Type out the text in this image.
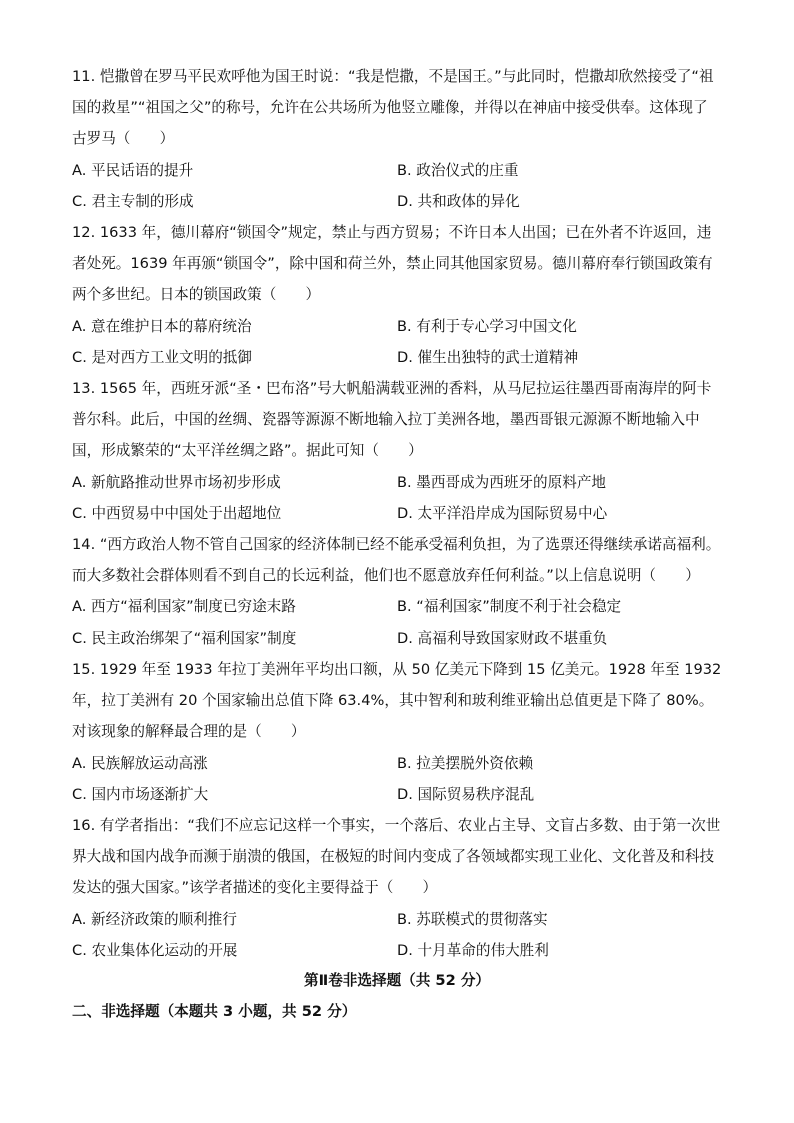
11. 恺撒曾在罗马平民欢呼他为国王时说：“我是恺撒，不是国王。”与此同时，恺撒却欣然接受了“祖国的救星”“祖国之父”的称号，允许在公共场所为他竖立雕像，并得以在神庙中接受供奉。这体现了古罗马（　　）

A. 平民话语的提升	B. 政治仪式的庄重
C. 君主专制的形成	D. 共和政体的异化

12. 1633 年，德川幕府“锁国令”规定，禁止与西方贸易；不许日本人出国；已在外者不许返回，违者处死。1639 年再颁“锁国令”，除中国和荷兰外，禁止同其他国家贸易。德川幕府奉行锁国政策有两个多世纪。日本的锁国政策（　　）

A. 意在维护日本的幕府统治	B. 有利于专心学习中国文化
C. 是对西方工业文明的抵御	D. 催生出独特的武士道精神

13. 1565 年，西班牙派“圣・巴布洛”号大帆船满载亚洲的香料，从马尼拉运往墨西哥南海岸的阿卡普尔科。此后，中国的丝绸、瓷器等源源不断地输入拉丁美洲各地，墨西哥银元源源不断地输入中国，形成繁荣的“太平洋丝绸之路”。据此可知（　　）

A. 新航路推动世界市场初步形成	B. 墨西哥成为西班牙的原料产地
C. 中西贸易中中国处于出超地位	D. 太平洋沿岸成为国际贸易中心

14. “西方政治人物不管自己国家的经济体制已经不能承受福利负担，为了选票还得继续承诺高福利。而大多数社会群体则看不到自己的长远利益，他们也不愿意放弃任何利益。”以上信息说明（　　）

A. 西方“福利国家”制度已穷途末路	B. “福利国家”制度不利于社会稳定
C. 民主政治绑架了“福利国家”制度	D. 高福利导致国家财政不堪重负

15. 1929 年至 1933 年拉丁美洲年平均出口额，从 50 亿美元下降到 15 亿美元。1928 年至 1932 年，拉丁美洲有 20 个国家输出总值下降 63.4%，其中智利和玻利维亚输出总值更是下降了 80%。对该现象的解释最合理的是（　　）

A. 民族解放运动高涨	B. 拉美摆脱外资依赖
C. 国内市场逐渐扩大	D. 国际贸易秩序混乱

16. 有学者指出：“我们不应忘记这样一个事实，一个落后、农业占主导、文盲占多数、由于第一次世界大战和国内战争而濒于崩溃的俄国，在极短的时间内变成了各领域都实现工业化、文化普及和科技发达的强大国家。”该学者描述的变化主要得益于（　　）

A. 新经济政策的顺利推行	B. 苏联模式的贯彻落实
C. 农业集体化运动的开展	D. 十月革命的伟大胜利

第Ⅱ卷非选择题（共 52 分）

二、非选择题（本题共 3 小题，共 52 分）
